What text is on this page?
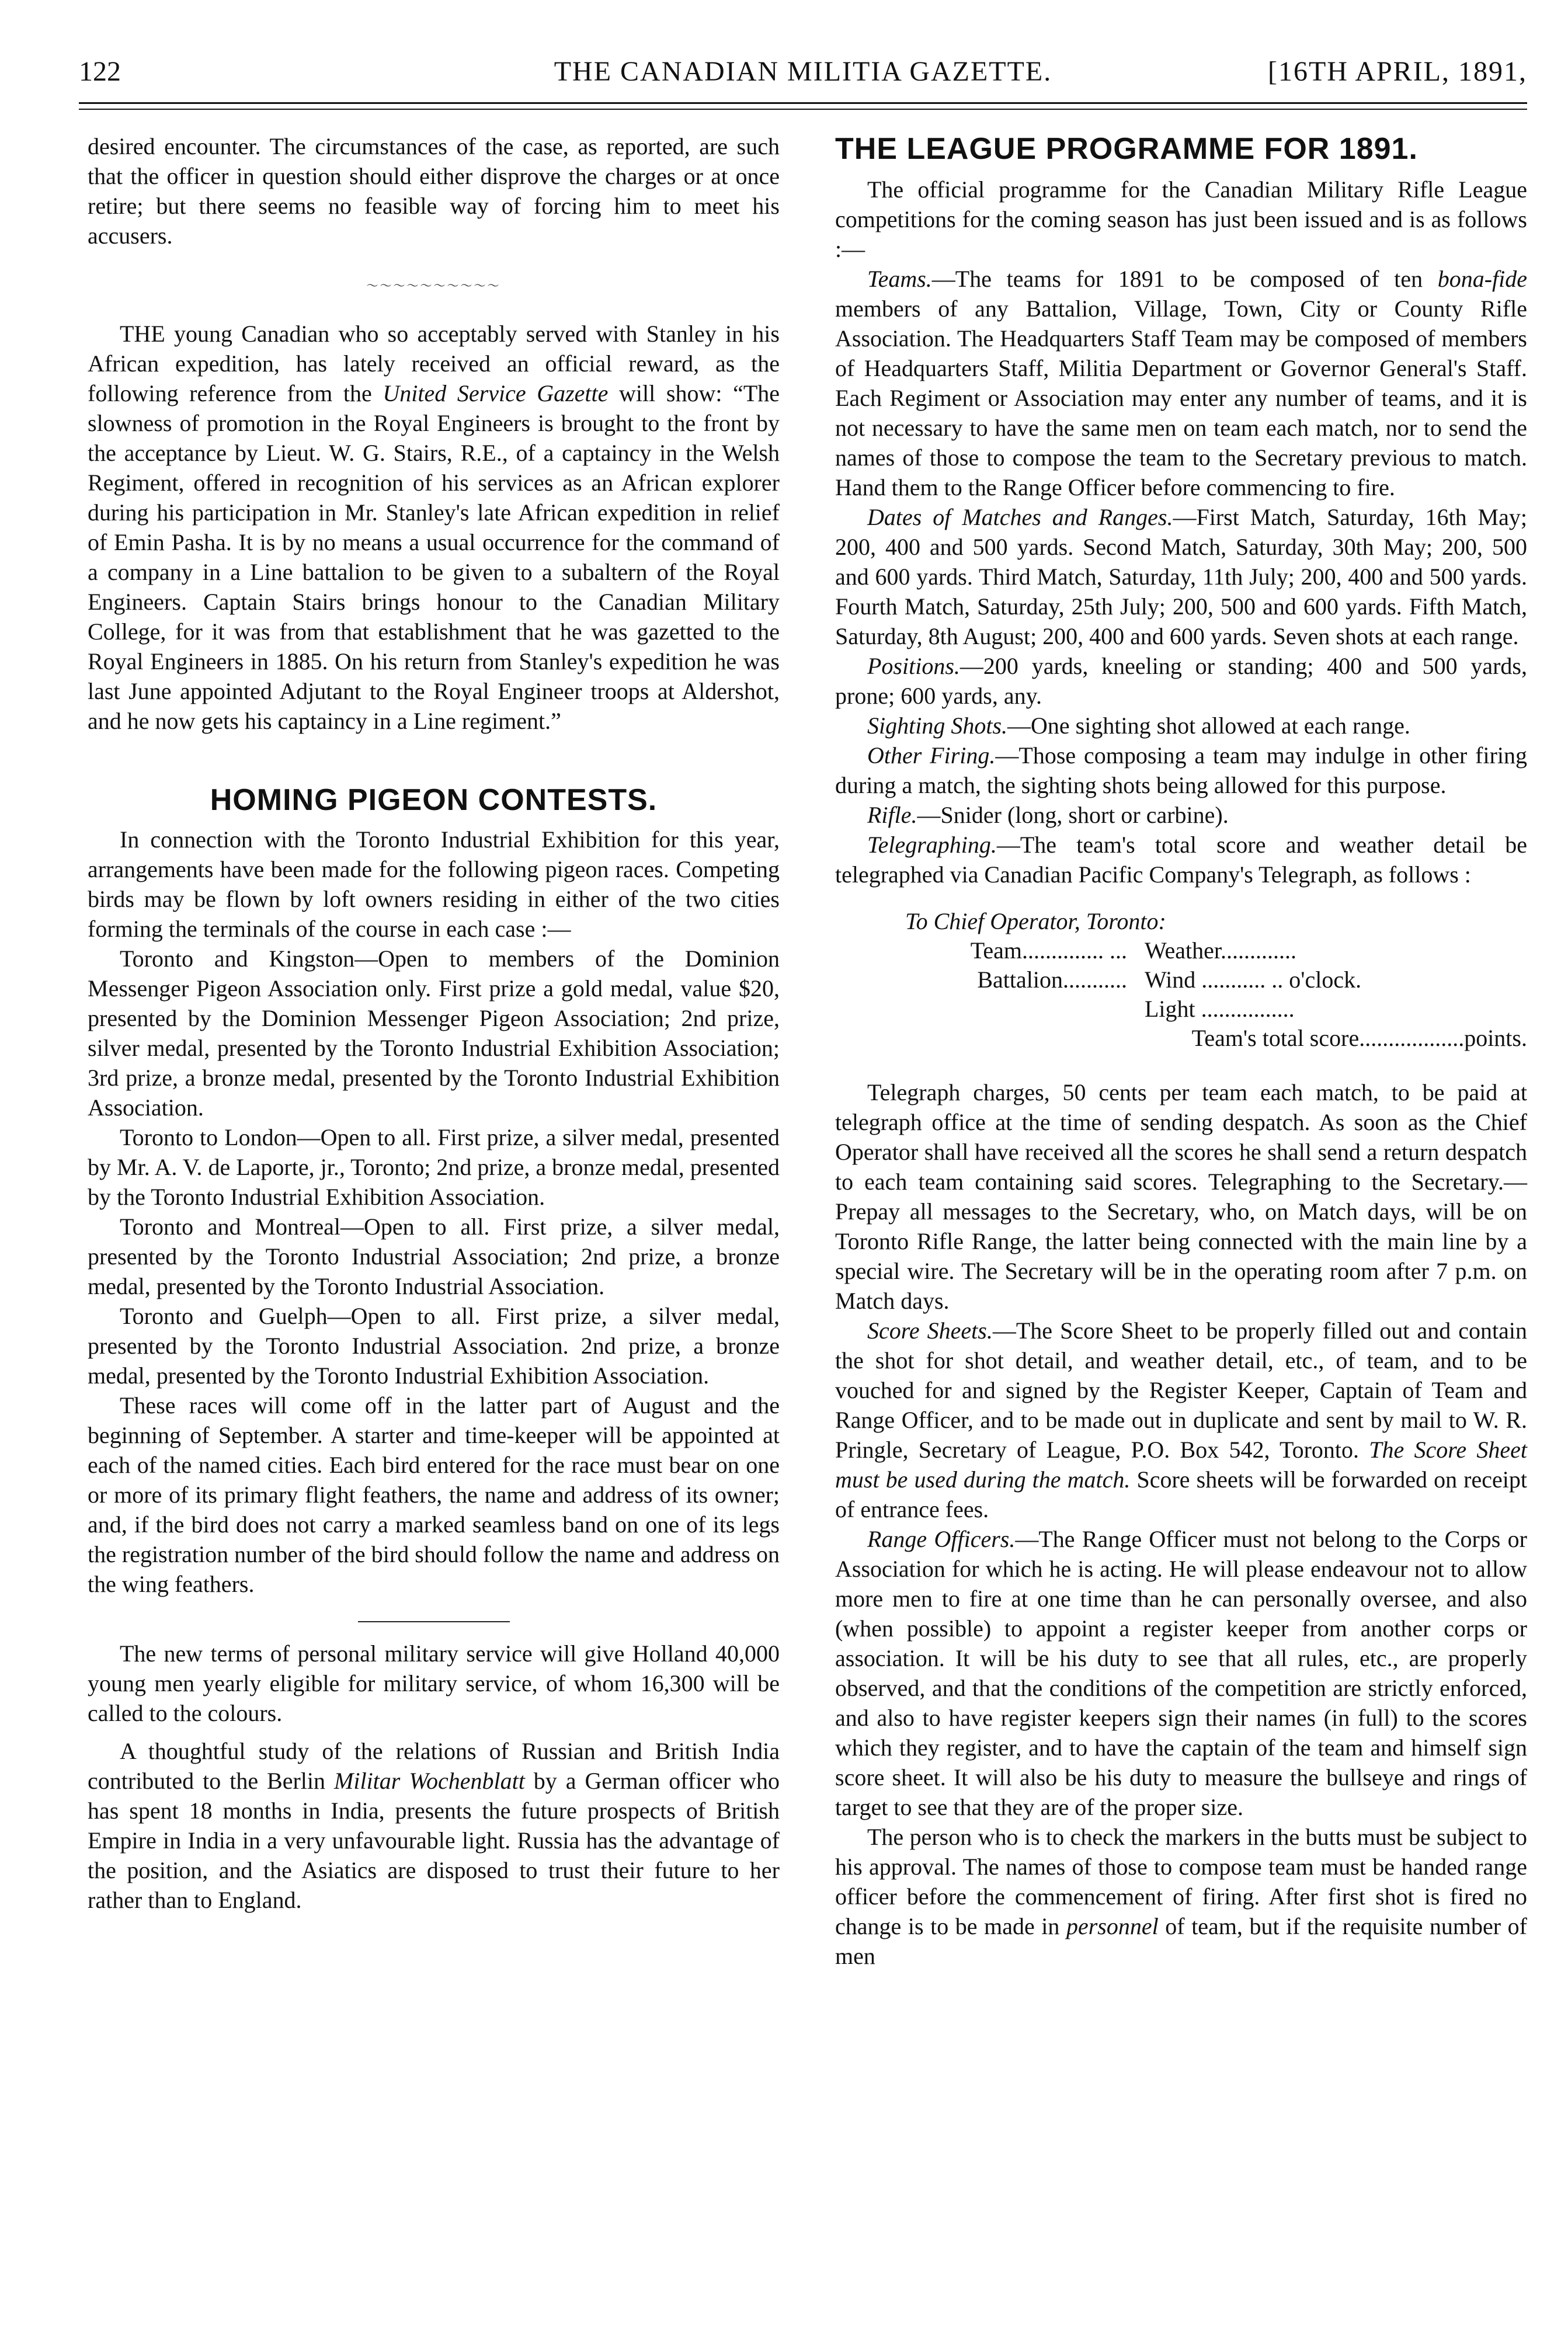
122	THE CANADIAN MILITIA GAZETTE.	[16TH APRIL, 1891,

desired encounter. The circumstances of the case, as reported, are such that the officer in question should either disprove the charges or at once retire; but there seems no feasible way of forcing him to meet his accusers.

〜〜〜〜〜〜〜〜〜〜

THE young Canadian who so acceptably served with Stanley in his African expedition, has lately received an official reward, as the following reference from the United Service Gazette will show: “The slowness of promotion in the Royal Engineers is brought to the front by the acceptance by Lieut. W. G. Stairs, R.E., of a captaincy in the Welsh Regiment, offered in recognition of his services as an African explorer during his participation in Mr. Stanley's late African expedition in relief of Emin Pasha. It is by no means a usual occurrence for the command of a company in a Line battalion to be given to a subaltern of the Royal Engineers. Captain Stairs brings honour to the Canadian Military College, for it was from that establishment that he was gazetted to the Royal Engineers in 1885. On his return from Stanley's expedition he was last June appointed Adjutant to the Royal Engineer troops at Aldershot, and he now gets his captaincy in a Line regiment.”

HOMING PIGEON CONTESTS.

In connection with the Toronto Industrial Exhibition for this year, arrangements have been made for the following pigeon races. Competing birds may be flown by loft owners residing in either of the two cities forming the terminals of the course in each case :—

Toronto and Kingston—Open to members of the Dominion Messenger Pigeon Association only. First prize a gold medal, value $20, presented by the Dominion Messenger Pigeon Association; 2nd prize, silver medal, presented by the Toronto Industrial Exhibition Association; 3rd prize, a bronze medal, presented by the Toronto Industrial Exhibition Association.

Toronto to London—Open to all. First prize, a silver medal, presented by Mr. A. V. de Laporte, jr., Toronto; 2nd prize, a bronze medal, presented by the Toronto Industrial Exhibition Association.

Toronto and Montreal—Open to all. First prize, a silver medal, presented by the Toronto Industrial Association; 2nd prize, a bronze medal, presented by the Toronto Industrial Association.

Toronto and Guelph—Open to all. First prize, a silver medal, presented by the Toronto Industrial Association. 2nd prize, a bronze medal, presented by the Toronto Industrial Exhibition Association.

These races will come off in the latter part of August and the beginning of September. A starter and time-keeper will be appointed at each of the named cities. Each bird entered for the race must bear on one or more of its primary flight feathers, the name and address of its owner; and, if the bird does not carry a marked seamless band on one of its legs the registration number of the bird should follow the name and address on the wing feathers.

The new terms of personal military service will give Holland 40,000 young men yearly eligible for military service, of whom 16,300 will be called to the colours.

A thoughtful study of the relations of Russian and British India contributed to the Berlin Militar Wochenblatt by a German officer who has spent 18 months in India, presents the future prospects of British Empire in India in a very unfavourable light. Russia has the advantage of the position, and the Asiatics are disposed to trust their future to her rather than to England.

THE LEAGUE PROGRAMME FOR 1891.

The official programme for the Canadian Military Rifle League competitions for the coming season has just been issued and is as follows :—

Teams.—The teams for 1891 to be composed of ten bona-fide members of any Battalion, Village, Town, City or County Rifle Association. The Headquarters Staff Team may be composed of members of Headquarters Staff, Militia Department or Governor General's Staff. Each Regiment or Association may enter any number of teams, and it is not necessary to have the same men on team each match, nor to send the names of those to compose the team to the Secretary previous to match. Hand them to the Range Officer before commencing to fire.

Dates of Matches and Ranges.—First Match, Saturday, 16th May; 200, 400 and 500 yards. Second Match, Saturday, 30th May; 200, 500 and 600 yards. Third Match, Saturday, 11th July; 200, 400 and 500 yards. Fourth Match, Saturday, 25th July; 200, 500 and 600 yards. Fifth Match, Saturday, 8th August; 200, 400 and 600 yards. Seven shots at each range.

Positions.—200 yards, kneeling or standing; 400 and 500 yards, prone; 600 yards, any.

Sighting Shots.—One sighting shot allowed at each range.

Other Firing.—Those composing a team may indulge in other firing during a match, the sighting shots being allowed for this purpose.

Rifle.—Snider (long, short or carbine).

Telegraphing.—The team's total score and weather detail be telegraphed via Canadian Pacific Company's Telegraph, as follows :

To Chief Operator, Toronto:
Team.............. ... Weather.............
Battalion........... Wind ........... .. o'clock.
Light ................
Team's total score..................points.

Telegraph charges, 50 cents per team each match, to be paid at telegraph office at the time of sending despatch. As soon as the Chief Operator shall have received all the scores he shall send a return despatch to each team containing said scores. Telegraphing to the Secretary.—Prepay all messages to the Secretary, who, on Match days, will be on Toronto Rifle Range, the latter being connected with the main line by a special wire. The Secretary will be in the operating room after 7 p.m. on Match days.

Score Sheets.—The Score Sheet to be properly filled out and contain the shot for shot detail, and weather detail, etc., of team, and to be vouched for and signed by the Register Keeper, Captain of Team and Range Officer, and to be made out in duplicate and sent by mail to W. R. Pringle, Secretary of League, P.O. Box 542, Toronto. The Score Sheet must be used during the match. Score sheets will be forwarded on receipt of entrance fees.

Range Officers.—The Range Officer must not belong to the Corps or Association for which he is acting. He will please endeavour not to allow more men to fire at one time than he can personally oversee, and also (when possible) to appoint a register keeper from another corps or association. It will be his duty to see that all rules, etc., are properly observed, and that the conditions of the competition are strictly enforced, and also to have register keepers sign their names (in full) to the scores which they register, and to have the captain of the team and himself sign score sheet. It will also be his duty to measure the bullseye and rings of target to see that they are of the proper size.

The person who is to check the markers in the butts must be subject to his approval. The names of those to compose team must be handed range officer before the commencement of firing. After first shot is fired no change is to be made in personnel of team, but if the requisite number of men
